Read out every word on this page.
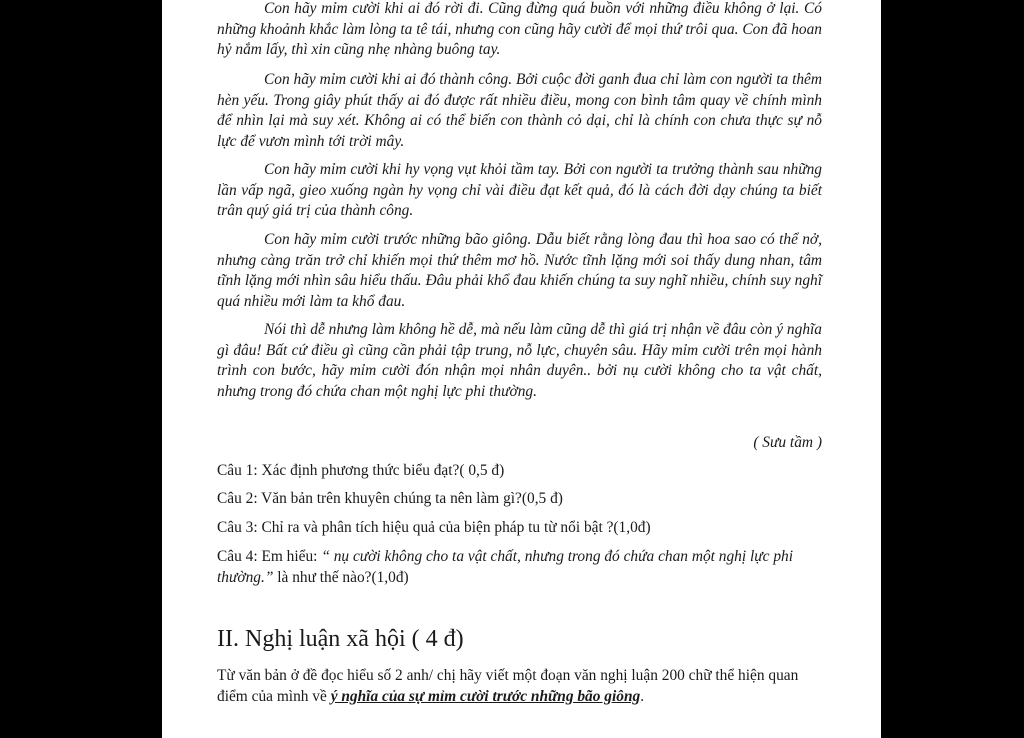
Con hãy mỉm cười khi ai đó rời đi. Cũng đừng quá buồn với những điều không ở lại. Có những khoảnh khắc làm lòng ta tê tái, nhưng con cũng hãy cười để mọi thứ trôi qua. Con đã hoan hỷ nắm lấy, thì xin cũng nhẹ nhàng buông tay.

Con hãy mỉm cười khi ai đó thành công. Bởi cuộc đời ganh đua chỉ làm con người ta thêm hèn yếu. Trong giây phút thấy ai đó được rất nhiều điều, mong con bình tâm quay về chính mình để nhìn lại mà suy xét. Không ai có thể biến con thành cỏ dại, chỉ là chính con chưa thực sự nỗ lực để vươn mình tới trời mây.

Con hãy mỉm cười khi hy vọng vụt khỏi tầm tay. Bởi con người ta trưởng thành sau những lần vấp ngã, gieo xuống ngàn hy vọng chỉ vài điều đạt kết quả, đó là cách đời dạy chúng ta biết trân quý giá trị của thành công.

Con hãy mỉm cười trước những bão giông. Dẫu biết rằng lòng đau thì hoa sao có thể nở, nhưng càng trăn trở chỉ khiến mọi thứ thêm mơ hồ. Nước tĩnh lặng mới soi thấy dung nhan, tâm tĩnh lặng mới nhìn sâu hiểu thấu. Đâu phải khổ đau khiến chúng ta suy nghĩ nhiều, chính suy nghĩ quá nhiều mới làm ta khổ đau.

Nói thì dễ nhưng làm không hề dễ, mà nếu làm cũng dễ thì giá trị nhận về đâu còn ý nghĩa gì đâu! Bất cứ điều gì cũng cần phải tập trung, nỗ lực, chuyên sâu. Hãy mỉm cười trên mọi hành trình con bước, hãy mỉm cười đón nhận mọi nhân duyên.. bởi nụ cười không cho ta vật chất, nhưng trong đó chứa chan một nghị lực phi thường.

( Sưu tầm )

Câu 1: Xác định phương thức biểu đạt?( 0,5 đ)

Câu 2: Văn bản trên khuyên chúng ta nên làm gì?(0,5 đ)

Câu 3: Chỉ ra và phân tích hiệu quả của biện pháp tu từ nổi bật ?(1,0đ)

Câu 4: Em hiểu: “ nụ cười không cho ta vật chất, nhưng trong đó chứa chan một nghị lực phi thường.” là như thế nào?(1,0đ)

II. Nghị luận xã hội ( 4 đ)

Từ văn bản ở đề đọc hiểu số 2 anh/ chị hãy viết một đoạn văn nghị luận 200 chữ thể hiện quan điểm của mình về ý nghĩa của sự mỉm cười trước những bão giông.
